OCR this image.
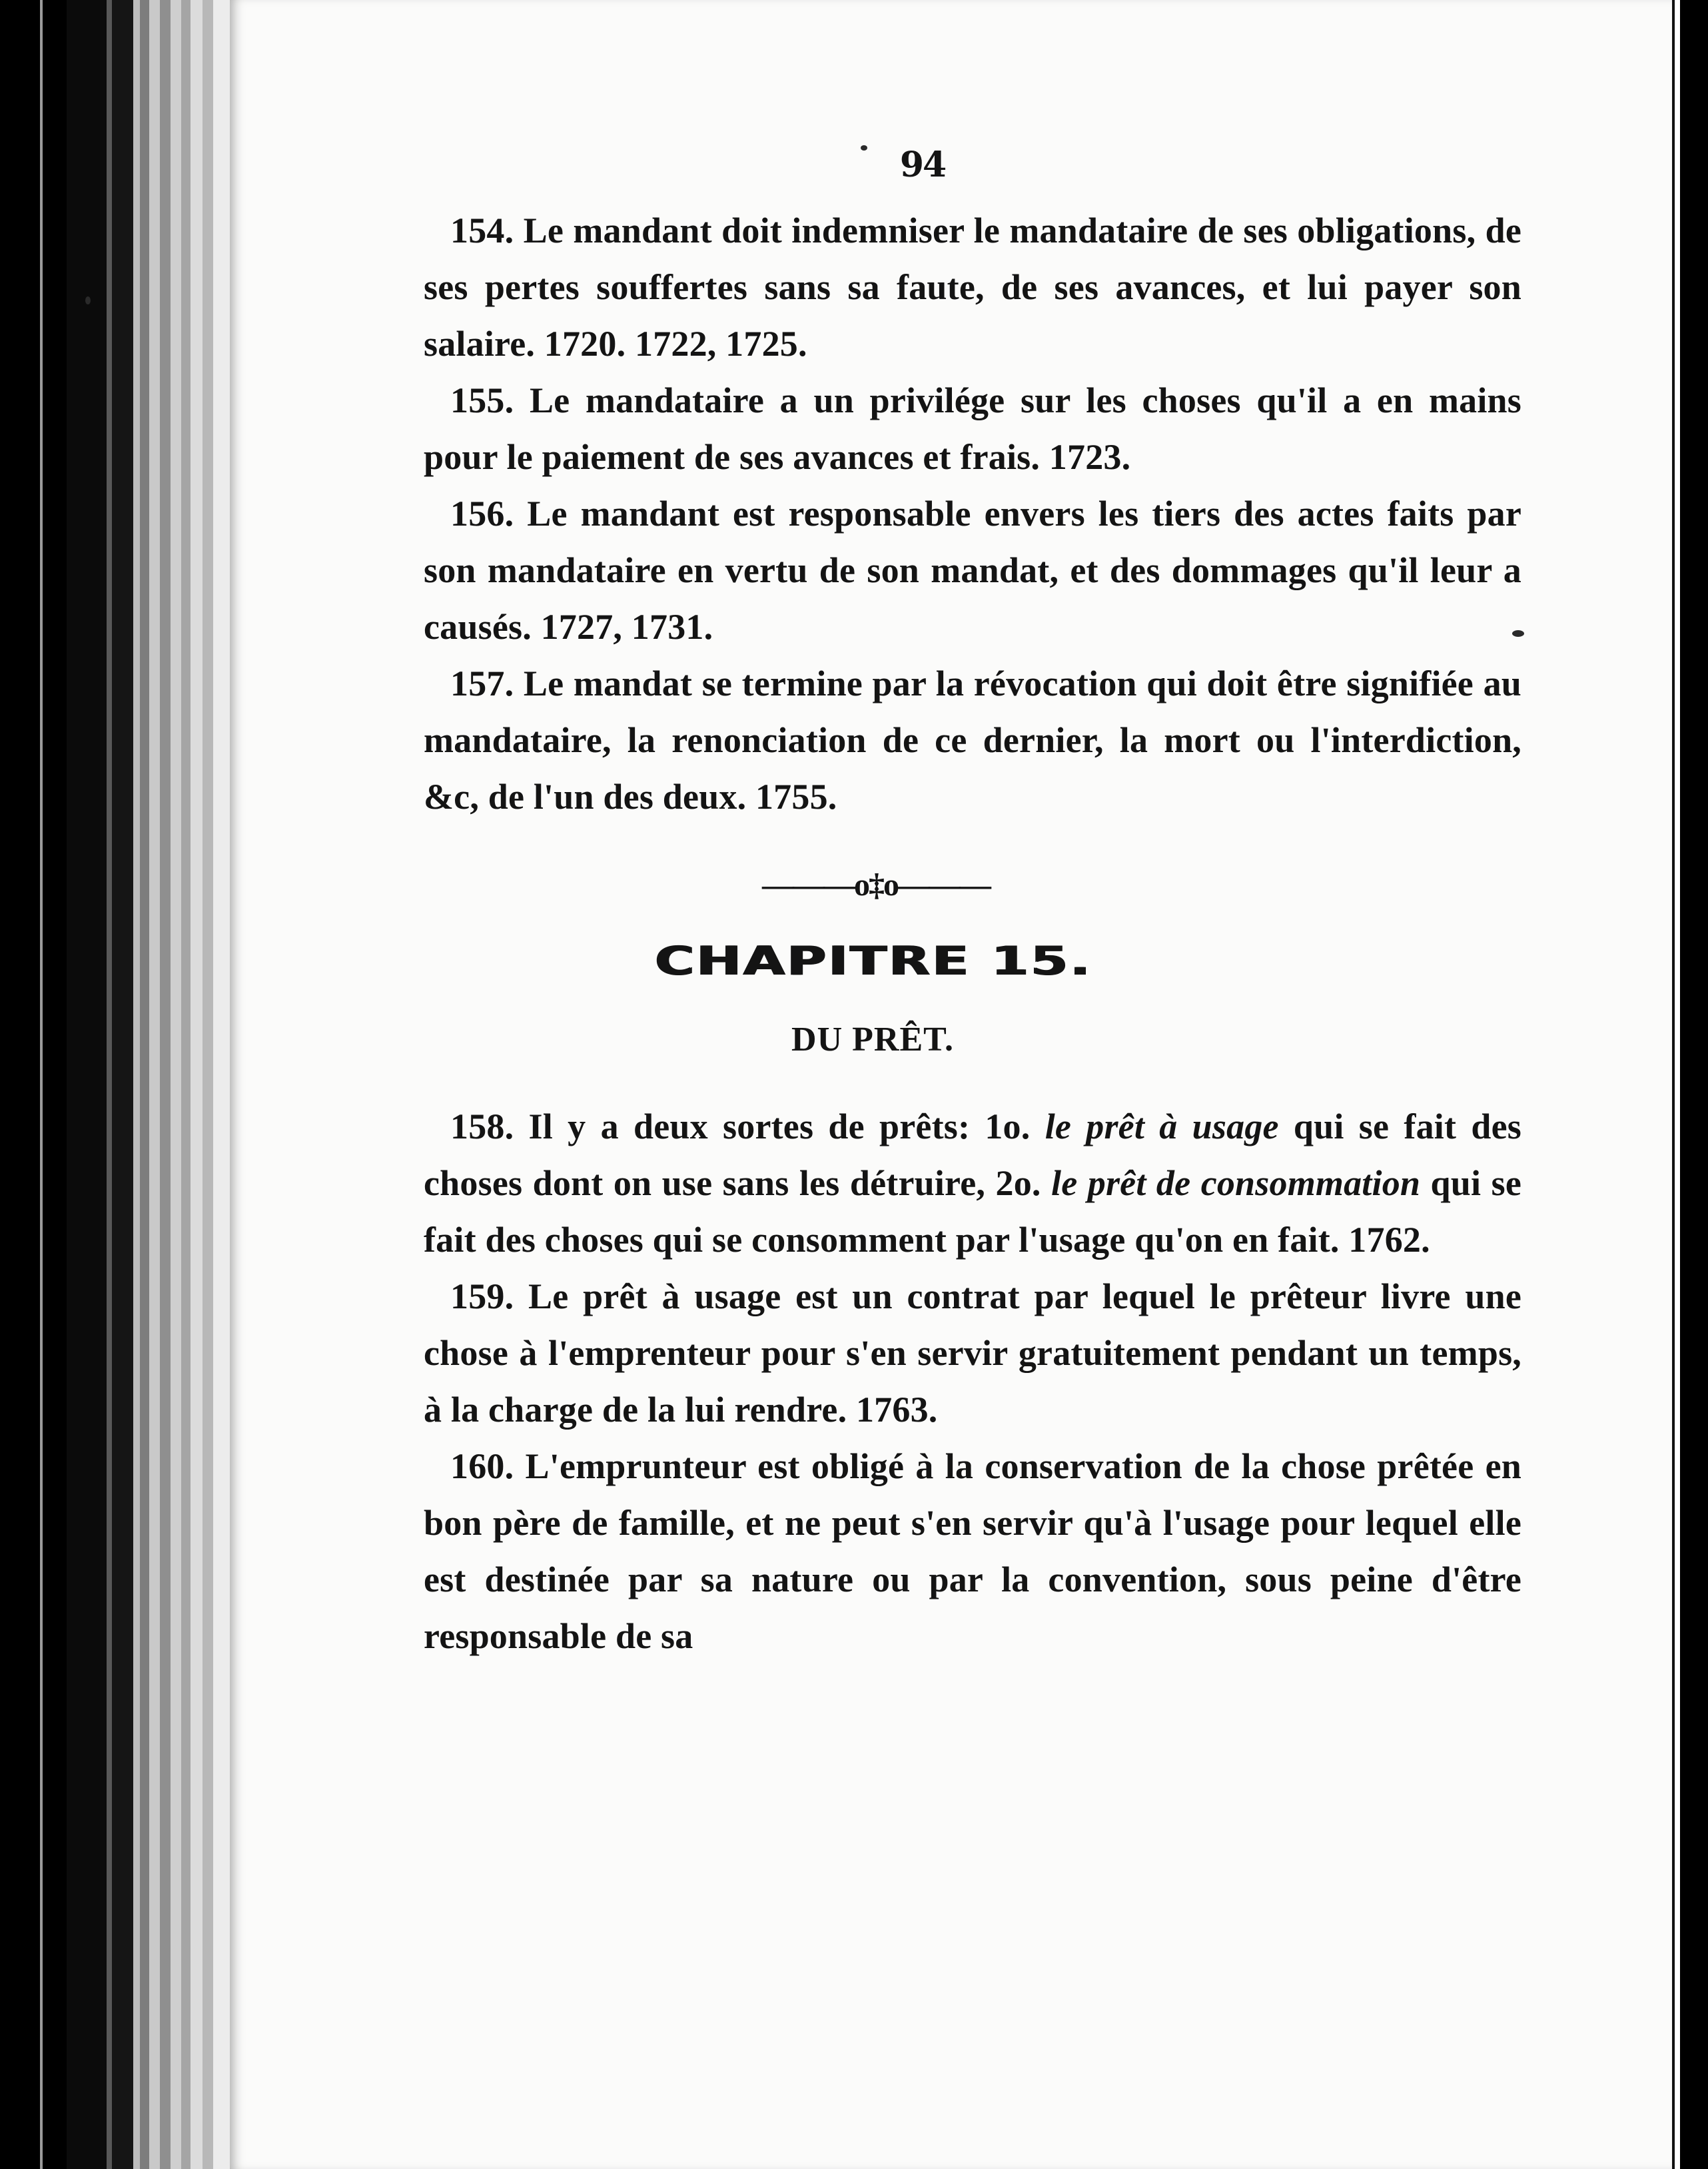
94

154. Le mandant doit indemniser le mandataire de ses obligations, de ses pertes souffertes sans sa faute, de ses avances, et lui payer son salaire. 1720. 1722, 1725.

155. Le mandataire a un privilége sur les choses qu'il a en mains pour le paiement de ses avances et frais. 1723.

156. Le mandant est responsable envers les tiers des actes faits par son mandataire en vertu de son mandat, et des dommages qu'il leur a causés. 1727, 1731.

157. Le mandat se termine par la révocation qui doit être signifiée au mandataire, la renonciation de ce dernier, la mort ou l'interdiction, &c, de l'un des deux. 1755.

———o‡o———
CHAPITRE 15.
DU PRÊT.

158. Il y a deux sortes de prêts: 1o. le prêt à usage qui se fait des choses dont on use sans les détruire, 2o. le prêt de consommation qui se fait des choses qui se consomment par l'usage qu'on en fait. 1762.

159. Le prêt à usage est un contrat par lequel le prêteur livre une chose à l'emprenteur pour s'en servir gratuitement pendant un temps, à la charge de la lui rendre. 1763.

160. L'emprunteur est obligé à la conservation de la chose prêtée en bon père de famille, et ne peut s'en servir qu'à l'usage pour lequel elle est destinée par sa nature ou par la convention, sous peine d'être responsable de sa
